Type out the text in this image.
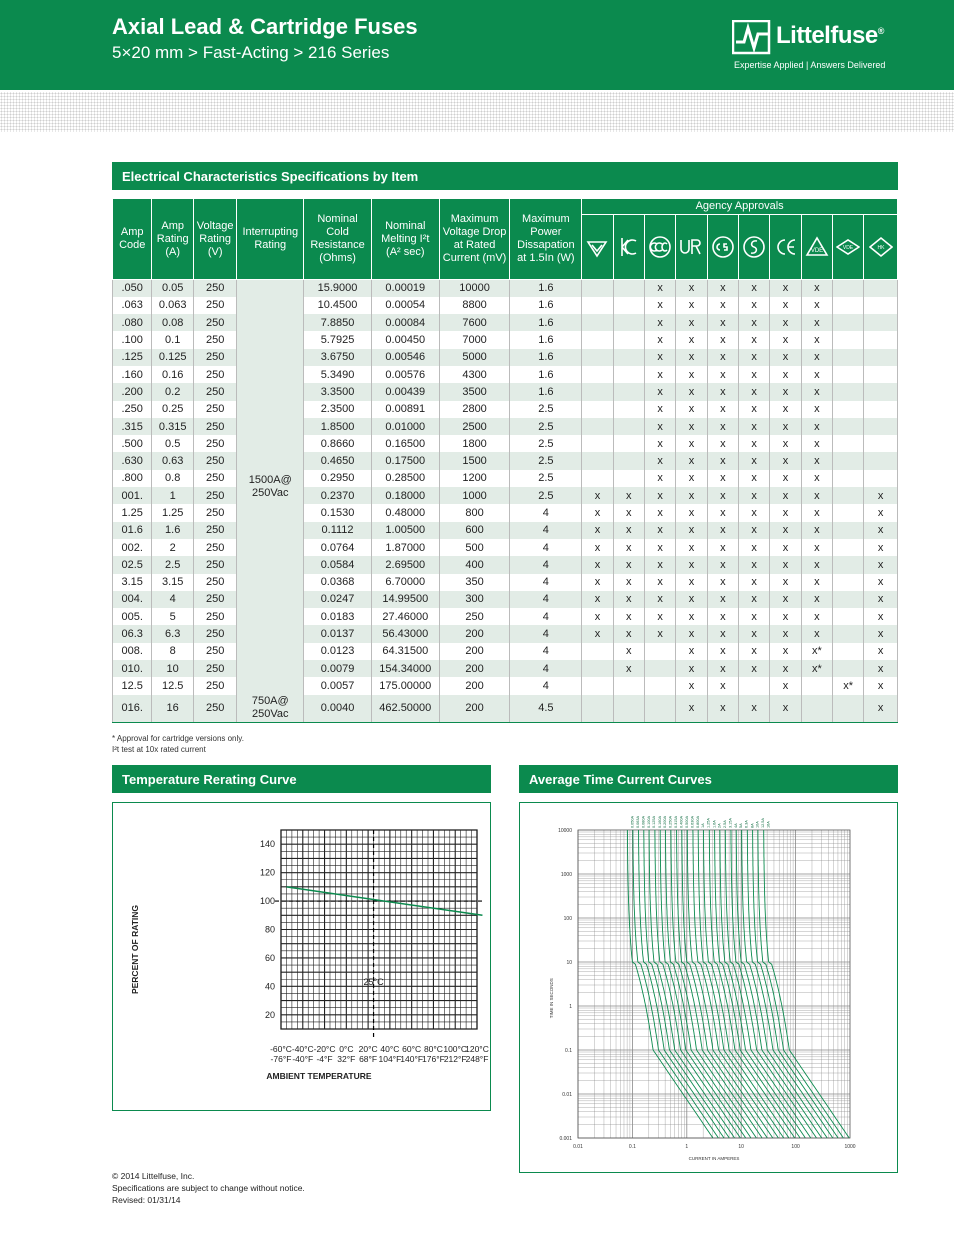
Axial Lead & Cartridge Fuses
5×20 mm > Fast-Acting > 216 Series
Littelfuse®
Expertise Applied | Answers Delivered
Electrical Characteristics Specifications by Item
Amp Code	Amp Rating (A)	Voltage Rating (V)	Interrupting Rating	Nominal Cold Resistance (Ohms)	Nominal Melting I²t (A² sec)	Maximum Voltage Drop at Rated Current (mV)	Maximum Power Dissapation at 1.5In (W)	Agency Approvals									

VDE	VDE	HK

.050	0.05	250	1500A@ 250Vac	15.9000	0.00019	10000	1.6			x	x	x	x	x	x		
.063	0.063	250		10.4500	0.00054	8800	1.6			x	x	x	x	x	x		
.080	0.08	250		7.8850	0.00084	7600	1.6			x	x	x	x	x	x		
.100	0.1	250		5.7925	0.00450	7000	1.6			x	x	x	x	x	x		
.125	0.125	250		3.6750	0.00546	5000	1.6			x	x	x	x	x	x		
.160	0.16	250		5.3490	0.00576	4300	1.6			x	x	x	x	x	x		
.200	0.2	250		3.3500	0.00439	3500	1.6			x	x	x	x	x	x		
.250	0.25	250		2.3500	0.00891	2800	2.5			x	x	x	x	x	x		
.315	0.315	250		1.8500	0.01000	2500	2.5			x	x	x	x	x	x		
.500	0.5	250		0.8660	0.16500	1800	2.5			x	x	x	x	x	x		
.630	0.63	250		0.4650	0.17500	1500	2.5			x	x	x	x	x	x		
.800	0.8	250		0.2950	0.28500	1200	2.5			x	x	x	x	x	x		
001.	1	250		0.2370	0.18000	1000	2.5	x	x	x	x	x	x	x	x		x
1.25	1.25	250		0.1530	0.48000	800	4	x	x	x	x	x	x	x	x		x
01.6	1.6	250		0.1112	1.00500	600	4	x	x	x	x	x	x	x	x		x
002.	2	250		0.0764	1.87000	500	4	x	x	x	x	x	x	x	x		x
02.5	2.5	250		0.0584	2.69500	400	4	x	x	x	x	x	x	x	x		x
3.15	3.15	250		0.0368	6.70000	350	4	x	x	x	x	x	x	x	x		x
004.	4	250		0.0247	14.99500	300	4	x	x	x	x	x	x	x	x		x
005.	5	250		0.0183	27.46000	250	4	x	x	x	x	x	x	x	x		x
06.3	6.3	250		0.0137	56.43000	200	4	x	x	x	x	x	x	x	x		x
008.	8	250		0.0123	64.31500	200	4		x		x	x	x	x	x*		x
010.	10	250		0.0079	154.34000	200	4		x		x	x	x	x	x*		x
12.5	12.5	250		0.0057	175.00000	200	4				x	x		x		x*	x
016.	16	250	750A@ 250Vac	0.0040	462.50000	200	4.5				x	x	x	x			x
* Approval for cartridge versions only.
I²t test at 10x rated current
Temperature Rerating Curve
25°C
20
40
60
80
100
120
140
-60°C
-76°F
-40°C
-40°F
-20°C
-4°F
0°C
32°F
20°C
68°F
40°C
104°F
60°C
140°F
80°C
176°F
100°C
212°F
120°C
248°F
AMBIENT TEMPERATURE
PERCENT OF RATING
Average Time Current Curves
0.01	0.1	1	10	100	1000
0.001
0.01
0.1
1
10
100
1000
10000
CURRENT IN AMPERES
TIME IN SECONDS
0.050A 0.063A 0.080A 0.100A 0.125A 0.160A 0.200A 0.250A 0.315A 0.400A 0.500A 0.630A 0.800A 1A 1.25A 1.6A 2A 2.5A 3.15A 4A 5A 6.3A 8A 10A 12.5A 16A
© 2014 Littelfuse, Inc.
Specifications are subject to change without notice.
Revised: 01/31/14
